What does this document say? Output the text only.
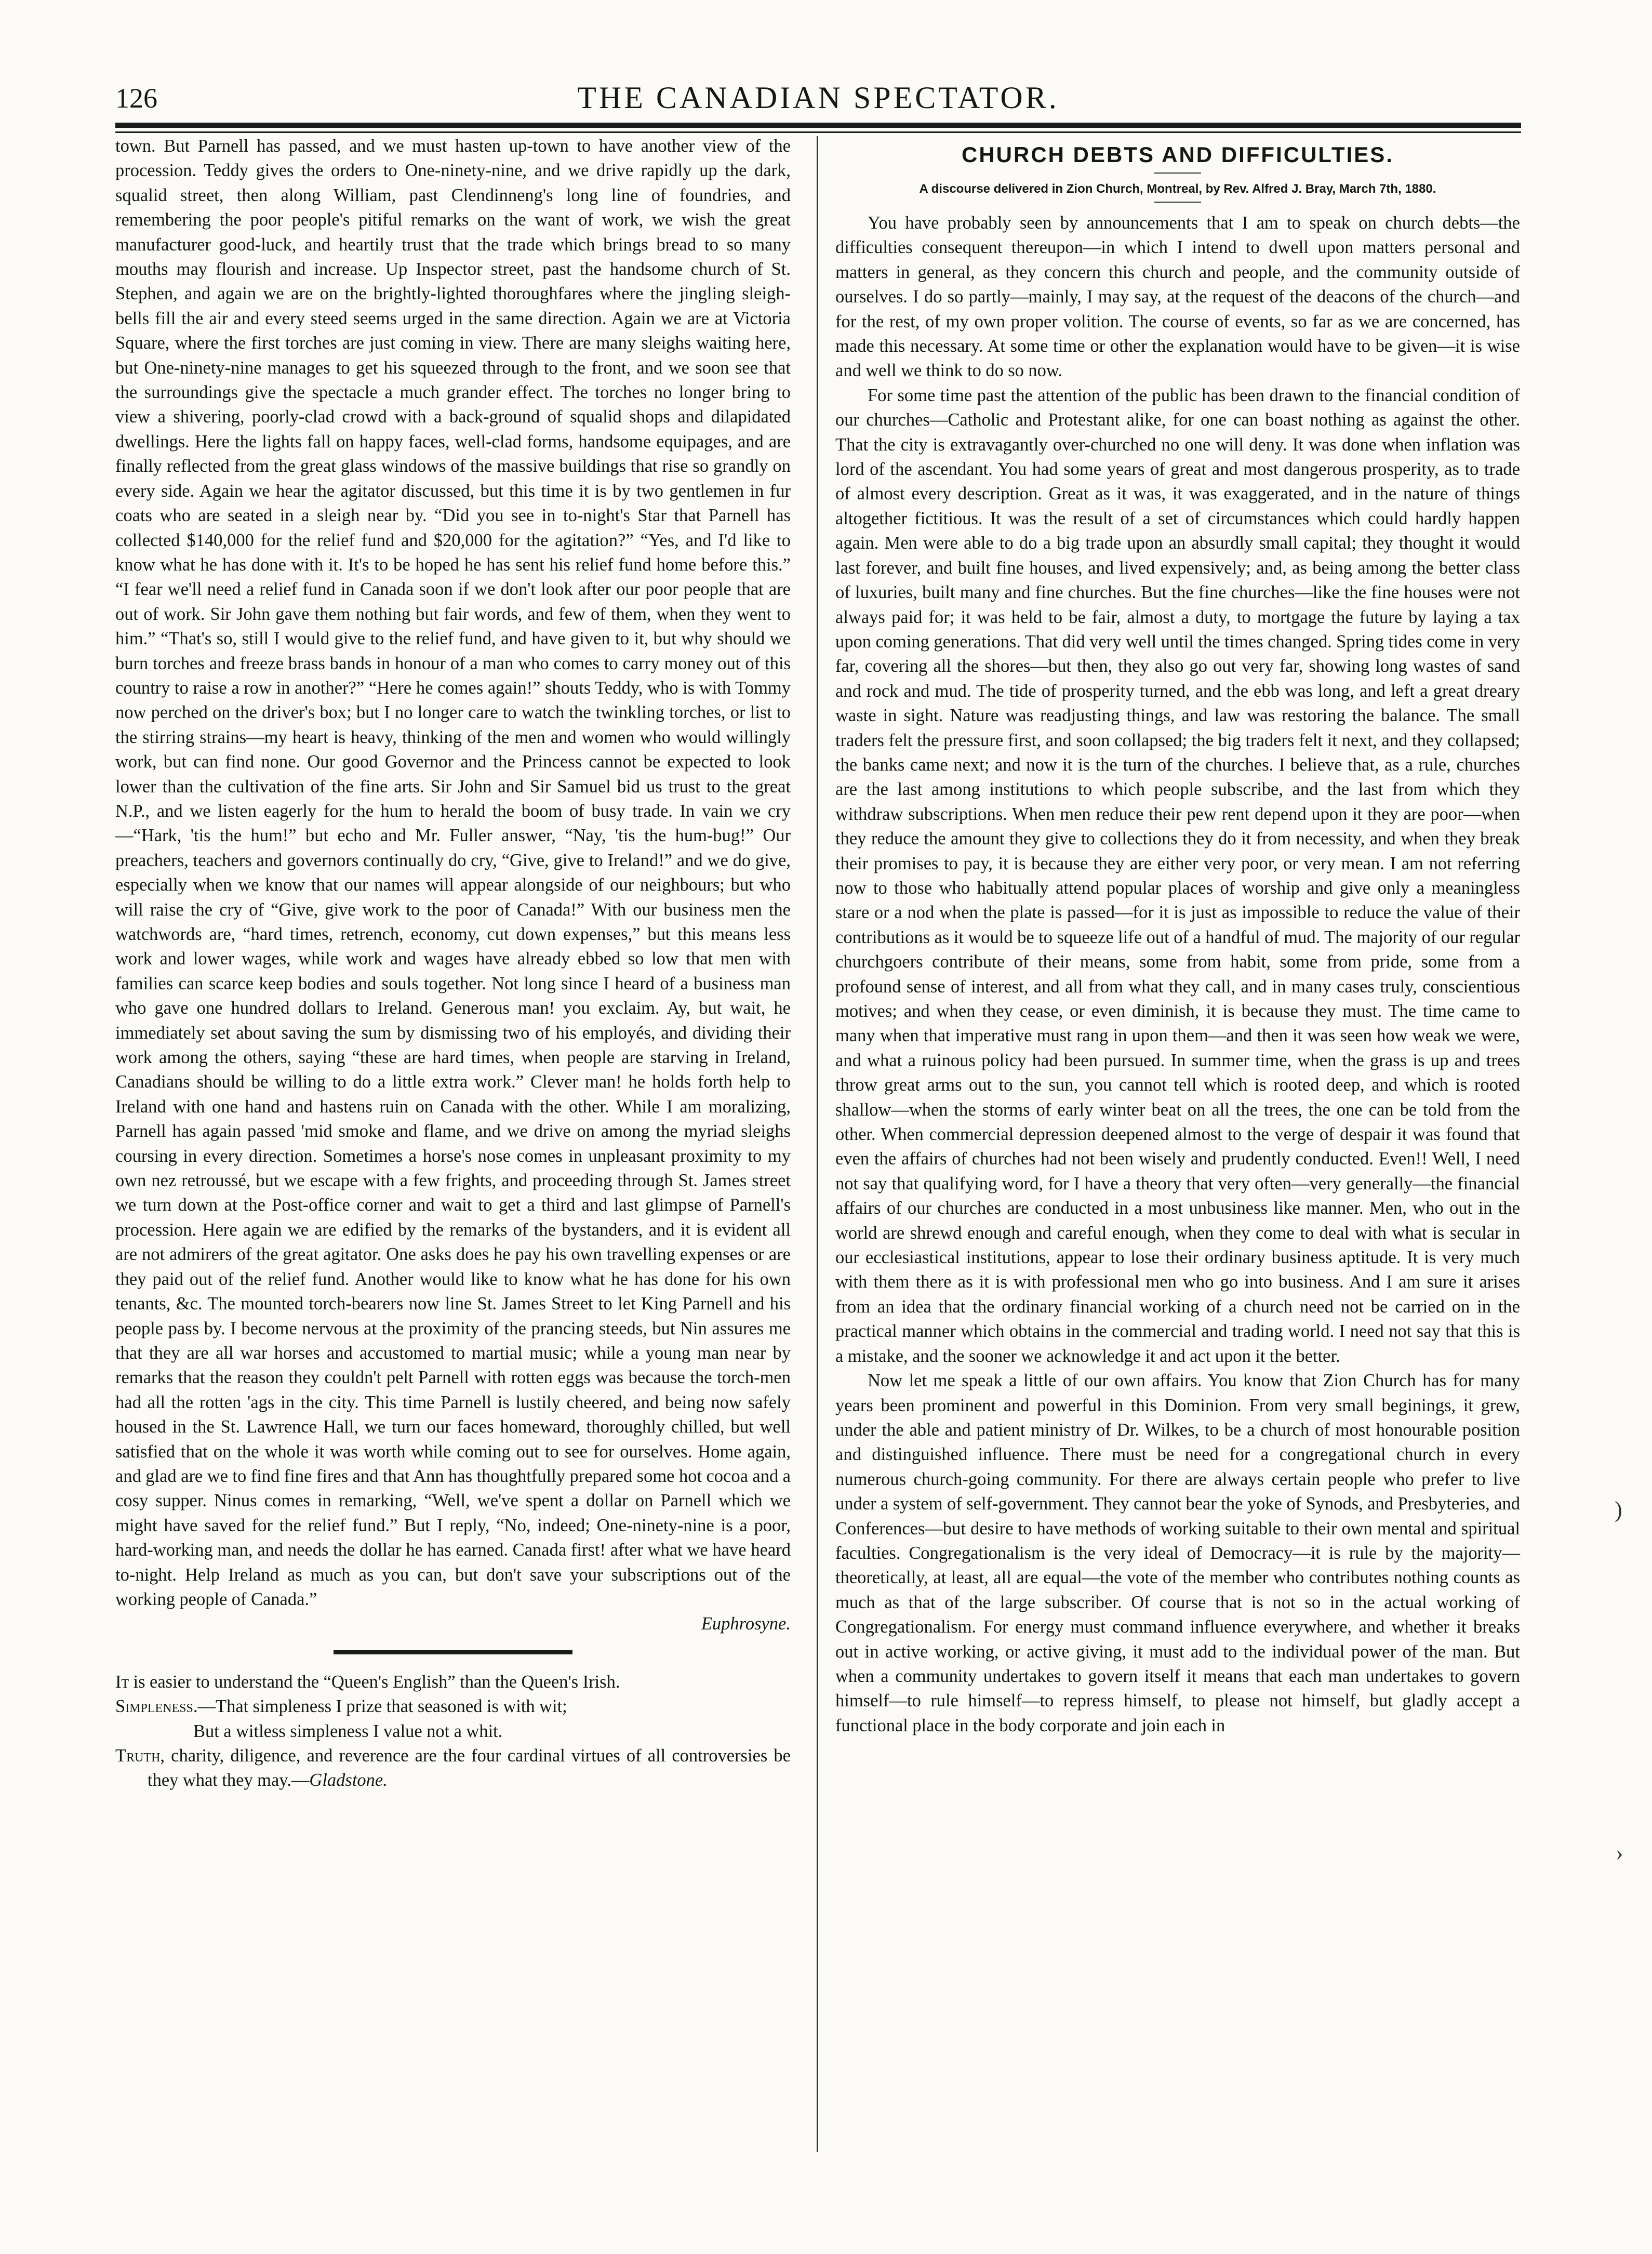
126	THE CANADIAN SPECTATOR.

town. But Parnell has passed, and we must hasten up-town to have another view of the procession. Teddy gives the orders to One-ninety-nine, and we drive rapidly up the dark, squalid street, then along William, past Clendinneng's long line of foundries, and remembering the poor people's pitiful remarks on the want of work, we wish the great manufacturer good-luck, and heartily trust that the trade which brings bread to so many mouths may flourish and increase. Up Inspector street, past the handsome church of St. Stephen, and again we are on the brightly-lighted thoroughfares where the jingling sleigh-bells fill the air and every steed seems urged in the same direction. Again we are at Victoria Square, where the first torches are just coming in view. There are many sleighs waiting here, but One-ninety-nine manages to get his squeezed through to the front, and we soon see that the surroundings give the spectacle a much grander effect. The torches no longer bring to view a shivering, poorly-clad crowd with a back-ground of squalid shops and dilapidated dwellings. Here the lights fall on happy faces, well-clad forms, handsome equipages, and are finally reflected from the great glass windows of the massive buildings that rise so grandly on every side. Again we hear the agitator discussed, but this time it is by two gentlemen in fur coats who are seated in a sleigh near by. “Did you see in to-night's Star that Parnell has collected $140,000 for the relief fund and $20,000 for the agitation?” “Yes, and I'd like to know what he has done with it. It's to be hoped he has sent his relief fund home before this.” “I fear we'll need a relief fund in Canada soon if we don't look after our poor people that are out of work. Sir John gave them nothing but fair words, and few of them, when they went to him.” “That's so, still I would give to the relief fund, and have given to it, but why should we burn torches and freeze brass bands in honour of a man who comes to carry money out of this country to raise a row in another?” “Here he comes again!” shouts Teddy, who is with Tommy now perched on the driver's box; but I no longer care to watch the twinkling torches, or list to the stirring strains—my heart is heavy, thinking of the men and women who would willingly work, but can find none. Our good Governor and the Princess cannot be expected to look lower than the cultivation of the fine arts. Sir John and Sir Samuel bid us trust to the great N.P., and we listen eagerly for the hum to herald the boom of busy trade. In vain we cry—“Hark, 'tis the hum!” but echo and Mr. Fuller answer, “Nay, 'tis the hum-bug!” Our preachers, teachers and governors continually do cry, “Give, give to Ireland!” and we do give, especially when we know that our names will appear alongside of our neighbours; but who will raise the cry of “Give, give work to the poor of Canada!” With our business men the watchwords are, “hard times, retrench, economy, cut down expenses,” but this means less work and lower wages, while work and wages have already ebbed so low that men with families can scarce keep bodies and souls together. Not long since I heard of a business man who gave one hundred dollars to Ireland. Generous man! you exclaim. Ay, but wait, he immediately set about saving the sum by dismissing two of his employés, and dividing their work among the others, saying “these are hard times, when people are starving in Ireland, Canadians should be willing to do a little extra work.” Clever man! he holds forth help to Ireland with one hand and hastens ruin on Canada with the other. While I am moralizing, Parnell has again passed 'mid smoke and flame, and we drive on among the myriad sleighs coursing in every direction. Sometimes a horse's nose comes in unpleasant proximity to my own nez retroussé, but we escape with a few frights, and proceeding through St. James street we turn down at the Post-office corner and wait to get a third and last glimpse of Parnell's procession. Here again we are edified by the remarks of the bystanders, and it is evident all are not admirers of the great agitator. One asks does he pay his own travelling expenses or are they paid out of the relief fund. Another would like to know what he has done for his own tenants, &c. The mounted torch-bearers now line St. James Street to let King Parnell and his people pass by. I become nervous at the proximity of the prancing steeds, but Nin assures me that they are all war horses and accustomed to martial music; while a young man near by remarks that the reason they couldn't pelt Parnell with rotten eggs was because the torch-men had all the rotten 'ags in the city. This time Parnell is lustily cheered, and being now safely housed in the St. Lawrence Hall, we turn our faces homeward, thoroughly chilled, but well satisfied that on the whole it was worth while coming out to see for ourselves. Home again, and glad are we to find fine fires and that Ann has thoughtfully prepared some hot cocoa and a cosy supper. Ninus comes in remarking, “Well, we've spent a dollar on Parnell which we might have saved for the relief fund.” But I reply, “No, indeed; One-ninety-nine is a poor, hard-working man, and needs the dollar he has earned. Canada first! after what we have heard to-night. Help Ireland as much as you can, but don't save your subscriptions out of the working people of Canada.”

Euphrosyne.

It is easier to understand the “Queen's English” than the Queen's Irish.

Simpleness.—That simpleness I prize that seasoned is with wit;

But a witless simpleness I value not a whit.

Truth, charity, diligence, and reverence are the four cardinal virtues of all controversies be they what they may.—Gladstone.

CHURCH DEBTS AND DIFFICULTIES.
A discourse delivered in Zion Church, Montreal, by Rev. Alfred J. Bray, March 7th, 1880.

You have probably seen by announcements that I am to speak on church debts—the difficulties consequent thereupon—in which I intend to dwell upon matters personal and matters in general, as they concern this church and people, and the community outside of ourselves. I do so partly—mainly, I may say, at the request of the deacons of the church—and for the rest, of my own proper volition. The course of events, so far as we are concerned, has made this necessary. At some time or other the explanation would have to be given—it is wise and well we think to do so now.

For some time past the attention of the public has been drawn to the financial condition of our churches—Catholic and Protestant alike, for one can boast nothing as against the other. That the city is extravagantly over-churched no one will deny. It was done when inflation was lord of the ascendant. You had some years of great and most dangerous prosperity, as to trade of almost every description. Great as it was, it was exaggerated, and in the nature of things altogether fictitious. It was the result of a set of circumstances which could hardly happen again. Men were able to do a big trade upon an absurdly small capital; they thought it would last forever, and built fine houses, and lived expensively; and, as being among the better class of luxuries, built many and fine churches. But the fine churches—like the fine houses were not always paid for; it was held to be fair, almost a duty, to mortgage the future by laying a tax upon coming generations. That did very well until the times changed. Spring tides come in very far, covering all the shores—but then, they also go out very far, showing long wastes of sand and rock and mud. The tide of prosperity turned, and the ebb was long, and left a great dreary waste in sight. Nature was readjusting things, and law was restoring the balance. The small traders felt the pressure first, and soon collapsed; the big traders felt it next, and they collapsed; the banks came next; and now it is the turn of the churches. I believe that, as a rule, churches are the last among institutions to which people subscribe, and the last from which they withdraw subscriptions. When men reduce their pew rent depend upon it they are poor—when they reduce the amount they give to collections they do it from necessity, and when they break their promises to pay, it is because they are either very poor, or very mean. I am not referring now to those who habitually attend popular places of worship and give only a meaningless stare or a nod when the plate is passed—for it is just as impossible to reduce the value of their contributions as it would be to squeeze life out of a handful of mud. The majority of our regular churchgoers contribute of their means, some from habit, some from pride, some from a profound sense of interest, and all from what they call, and in many cases truly, conscientious motives; and when they cease, or even diminish, it is because they must. The time came to many when that imperative must rang in upon them—and then it was seen how weak we were, and what a ruinous policy had been pursued. In summer time, when the grass is up and trees throw great arms out to the sun, you cannot tell which is rooted deep, and which is rooted shallow—when the storms of early winter beat on all the trees, the one can be told from the other. When commercial depression deepened almost to the verge of despair it was found that even the affairs of churches had not been wisely and prudently conducted. Even!! Well, I need not say that qualifying word, for I have a theory that very often—very generally—the financial affairs of our churches are conducted in a most unbusiness like manner. Men, who out in the world are shrewd enough and careful enough, when they come to deal with what is secular in our ecclesiastical institutions, appear to lose their ordinary business aptitude. It is very much with them there as it is with professional men who go into business. And I am sure it arises from an idea that the ordinary financial working of a church need not be carried on in the practical manner which obtains in the commercial and trading world. I need not say that this is a mistake, and the sooner we acknowledge it and act upon it the better.

Now let me speak a little of our own affairs. You know that Zion Church has for many years been prominent and powerful in this Dominion. From very small beginings, it grew, under the able and patient ministry of Dr. Wilkes, to be a church of most honourable position and distinguished influence. There must be need for a congregational church in every numerous church-going community. For there are always certain people who prefer to live under a system of self-government. They cannot bear the yoke of Synods, and Presbyteries, and Conferences—but desire to have methods of working suitable to their own mental and spiritual faculties. Congregationalism is the very ideal of Democracy—it is rule by the majority—theoretically, at least, all are equal—the vote of the member who contributes nothing counts as much as that of the large subscriber. Of course that is not so in the actual working of Congregationalism. For energy must command influence everywhere, and whether it breaks out in active working, or active giving, it must add to the individual power of the man. But when a community undertakes to govern itself it means that each man undertakes to govern himself—to rule himself—to repress himself, to please not himself, but gladly accept a functional place in the body corporate and join each in

)
›
